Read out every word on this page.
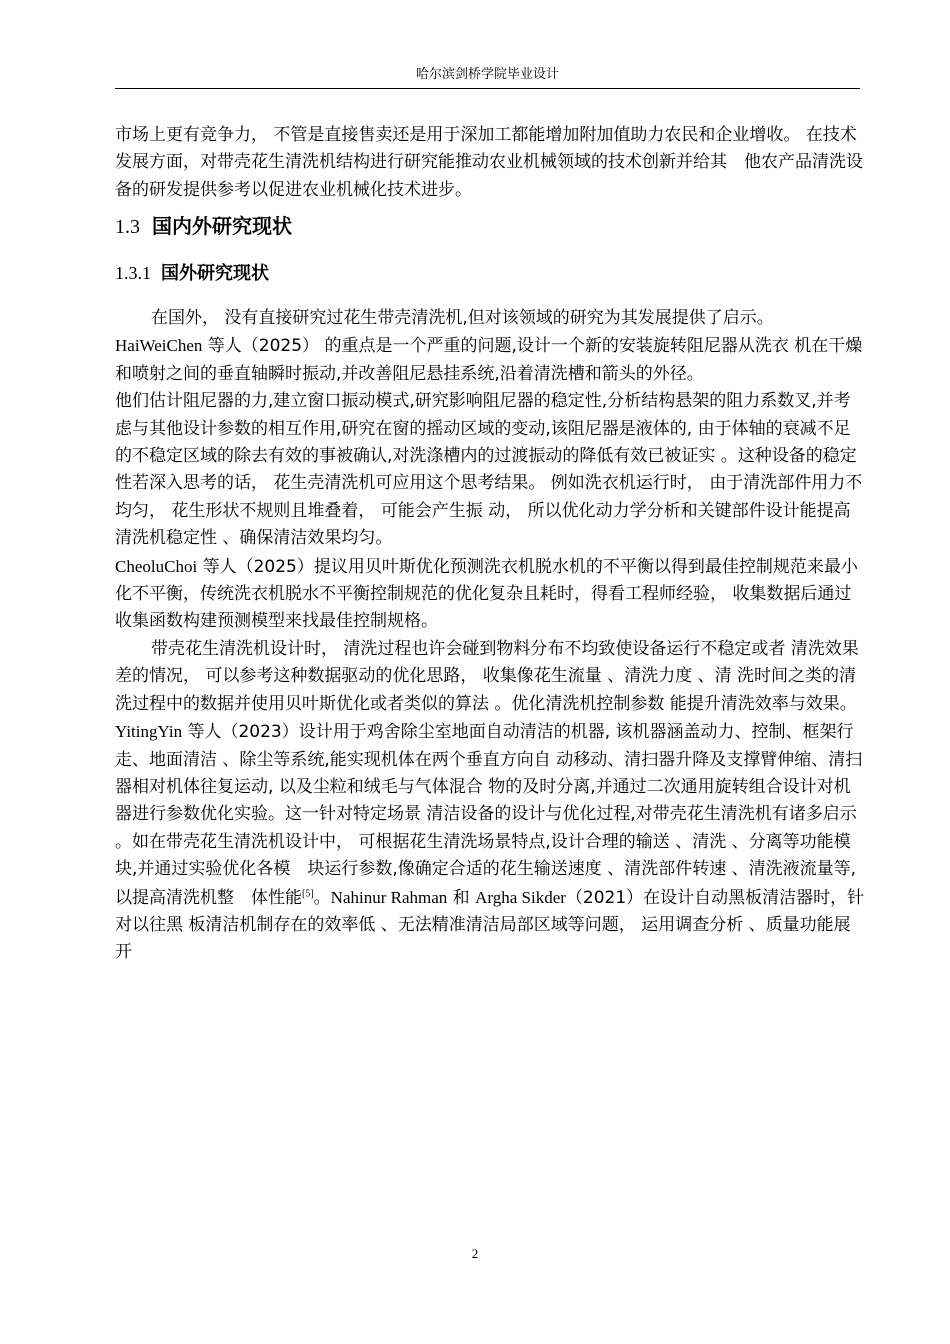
哈尔滨剑桥学院毕业设计

市场上更有竞争力， 不管是直接售卖还是用于深加工都能增加附加值助力农民和企业增收。 在技术发展方面，对带壳花生清洗机结构进行研究能推动农业机械领域的技术创新并给其　他农产品清洗设备的研发提供参考以促进农业机械化技术进步。

1.3 国内外研究现状
1.3.1 国外研究现状

在国外， 没有直接研究过花生带壳清洗机,但对该领域的研究为其发展提供了启示。

HaiWeiChen 等人（2025） 的重点是一个严重的问题,设计一个新的安装旋转阻尼器从洗衣 机在干燥和喷射之间的垂直轴瞬时振动,并改善阻尼悬挂系统,沿着清洗槽和箭头的外径。

他们估计阻尼器的力,建立窗口振动模式,研究影响阻尼器的稳定性,分析结构悬架的阻力系数叉,并考虑与其他设计参数的相互作用,研究在窗的摇动区域的变动,该阻尼器是液体的, 由于体轴的衰减不足的不稳定区域的除去有效的事被确认,对洗涤槽内的过渡振动的降低有效已被证实 。这种设备的稳定性若深入思考的话， 花生壳清洗机可应用这个思考结果。 例如洗衣机运行时， 由于清洗部件用力不均匀， 花生形状不规则且堆叠着， 可能会产生振 动， 所以优化动力学分析和关键部件设计能提高清洗机稳定性 、确保清洁效果均匀。

CheoluChoi 等人（2025）提议用贝叶斯优化预测洗衣机脱水机的不平衡以得到最佳控制规范来最小化不平衡，传统洗衣机脱水不平衡控制规范的优化复杂且耗时，得看工程师经验， 收集数据后通过收集函数构建预测模型来找最佳控制规格。

带壳花生清洗机设计时， 清洗过程也许会碰到物料分布不均致使设备运行不稳定或者 清洗效果差的情况， 可以参考这种数据驱动的优化思路， 收集像花生流量 、清洗力度 、清 洗时间之类的清洗过程中的数据并使用贝叶斯优化或者类似的算法 。优化清洗机控制参数 能提升清洗效率与效果。YitingYin 等人（2023）设计用于鸡舍除尘室地面自动清洁的机器, 该机器涵盖动力、控制、框架行走、地面清洁 、除尘等系统,能实现机体在两个垂直方向自 动移动、清扫器升降及支撑臂伸缩、清扫器相对机体往复运动, 以及尘粒和绒毛与气体混合 物的及时分离,并通过二次通用旋转组合设计对机器进行参数优化实验。这一针对特定场景 清洁设备的设计与优化过程,对带壳花生清洗机有诸多启示 。如在带壳花生清洗机设计中， 可根据花生清洗场景特点,设计合理的输送 、清洗 、分离等功能模块,并通过实验优化各模　块运行参数,像确定合适的花生输送速度 、清洗部件转速 、清洗液流量等, 以提高清洗机整　体性能[5]。Nahinur Rahman 和 Argha Sikder（2021）在设计自动黑板清洁器时，针对以往黑 板清洁机制存在的效率低 、无法精准清洁局部区域等问题， 运用调查分析 、质量功能展开

2
